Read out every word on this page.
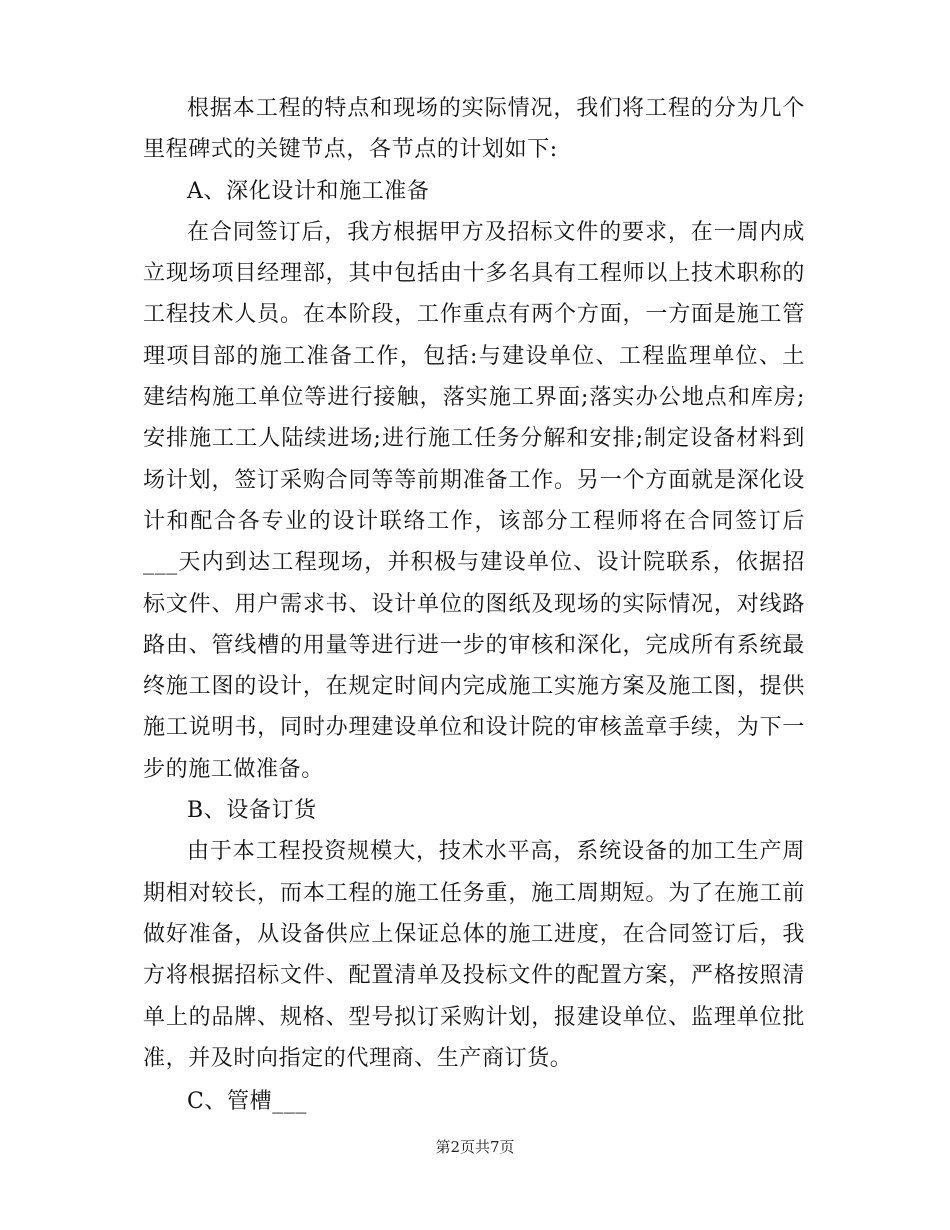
根据本工程的特点和现场的实际情况，我们将工程的分为几个里程碑式的关键节点，各节点的计划如下:

A、深化设计和施工准备

在合同签订后，我方根据甲方及招标文件的要求，在一周内成立现场项目经理部，其中包括由十多名具有工程师以上技术职称的工程技术人员。在本阶段，工作重点有两个方面，一方面是施工管理项目部的施工准备工作，包括:与建设单位、工程监理单位、土建结构施工单位等进行接触，落实施工界面;落实办公地点和库房;安排施工工人陆续进场;进行施工任务分解和安排;制定设备材料到场计划，签订采购合同等等前期准备工作。另一个方面就是深化设计和配合各专业的设计联络工作，该部分工程师将在合同签订后___天内到达工程现场，并积极与建设单位、设计院联系，依据招标文件、用户需求书、设计单位的图纸及现场的实际情况，对线路路由、管线槽的用量等进行进一步的审核和深化，完成所有系统最终施工图的设计，在规定时间内完成施工实施方案及施工图，提供施工说明书，同时办理建设单位和设计院的审核盖章手续，为下一步的施工做准备。

B、设备订货

由于本工程投资规模大，技术水平高，系统设备的加工生产周期相对较长，而本工程的施工任务重，施工周期短。为了在施工前做好准备，从设备供应上保证总体的施工进度，在合同签订后，我方将根据招标文件、配置清单及投标文件的配置方案，严格按照清单上的品牌、规格、型号拟订采购计划，报建设单位、监理单位批准，并及时向指定的代理商、生产商订货。

C、管槽___

第2页共7页
